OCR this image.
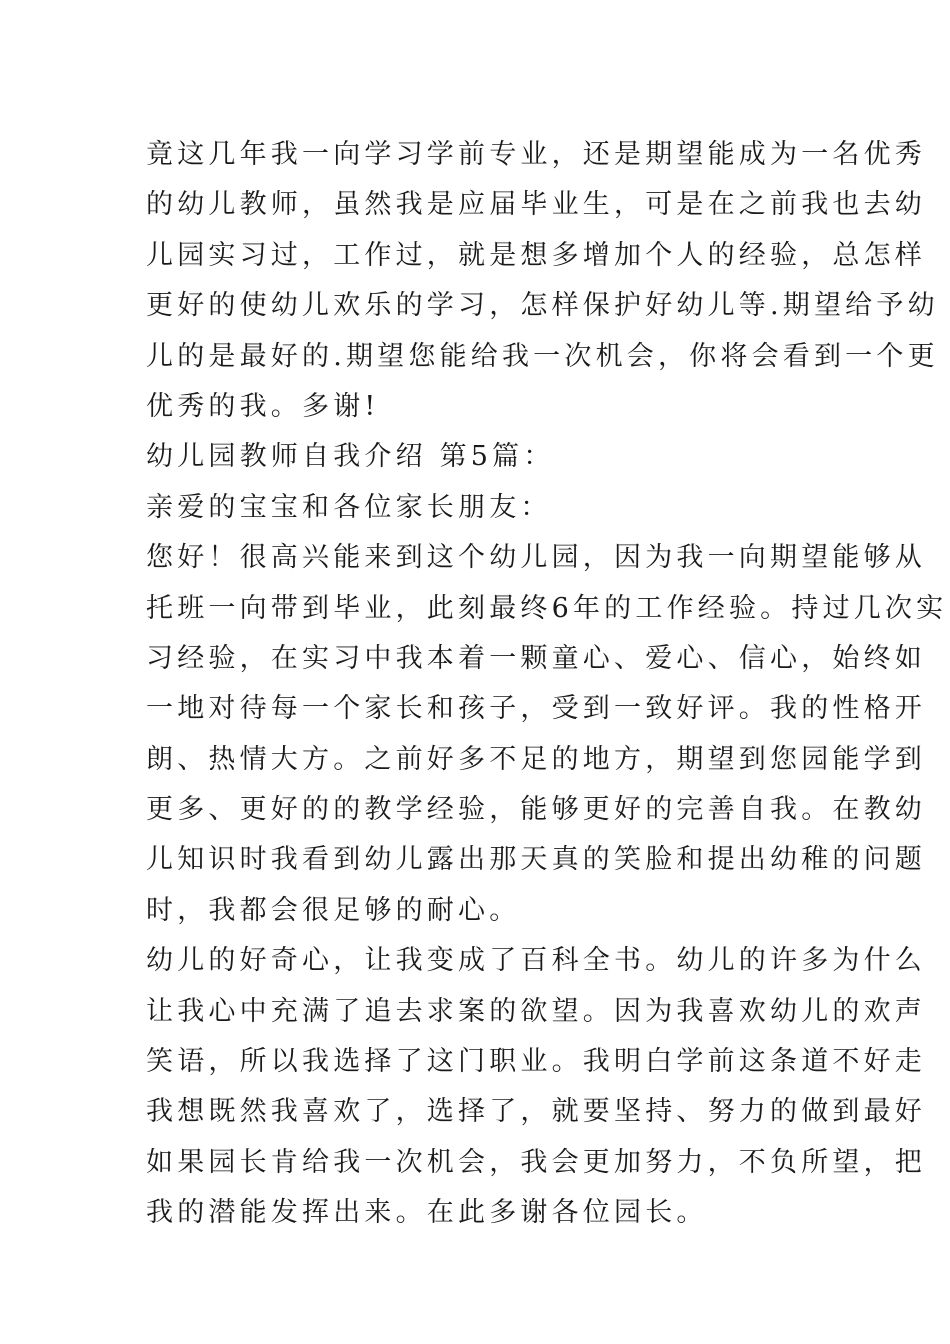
竟这几年我一向学习学前专业，还是期望能成为一名优秀
的幼儿教师，虽然我是应届毕业生，可是在之前我也去幼
儿园实习过，工作过，就是想多增加个人的经验，总怎样
更好的使幼儿欢乐的学习，怎样保护好幼儿等.期望给予幼
儿的是最好的.期望您能给我一次机会，你将会看到一个更
优秀的我。多谢!
幼儿园教师自我介绍 第5篇：
亲爱的宝宝和各位家长朋友：
您好！很高兴能来到这个幼儿园，因为我一向期望能够从
托班一向带到毕业，此刻最终6年的工作经验。持过几次实
习经验，在实习中我本着一颗童心、爱心、信心，始终如
一地对待每一个家长和孩子，受到一致好评。我的性格开
朗、热情大方。之前好多不足的地方，期望到您园能学到
更多、更好的的教学经验，能够更好的完善自我。在教幼
儿知识时我看到幼儿露出那天真的笑脸和提出幼稚的问题
时，我都会很足够的耐心。
幼儿的好奇心，让我变成了百科全书。幼儿的许多为什么
让我心中充满了追去求案的欲望。因为我喜欢幼儿的欢声
笑语，所以我选择了这门职业。我明白学前这条道不好走
我想既然我喜欢了，选择了，就要坚持、努力的做到最好
如果园长肯给我一次机会，我会更加努力，不负所望，把
我的潜能发挥出来。在此多谢各位园长。
